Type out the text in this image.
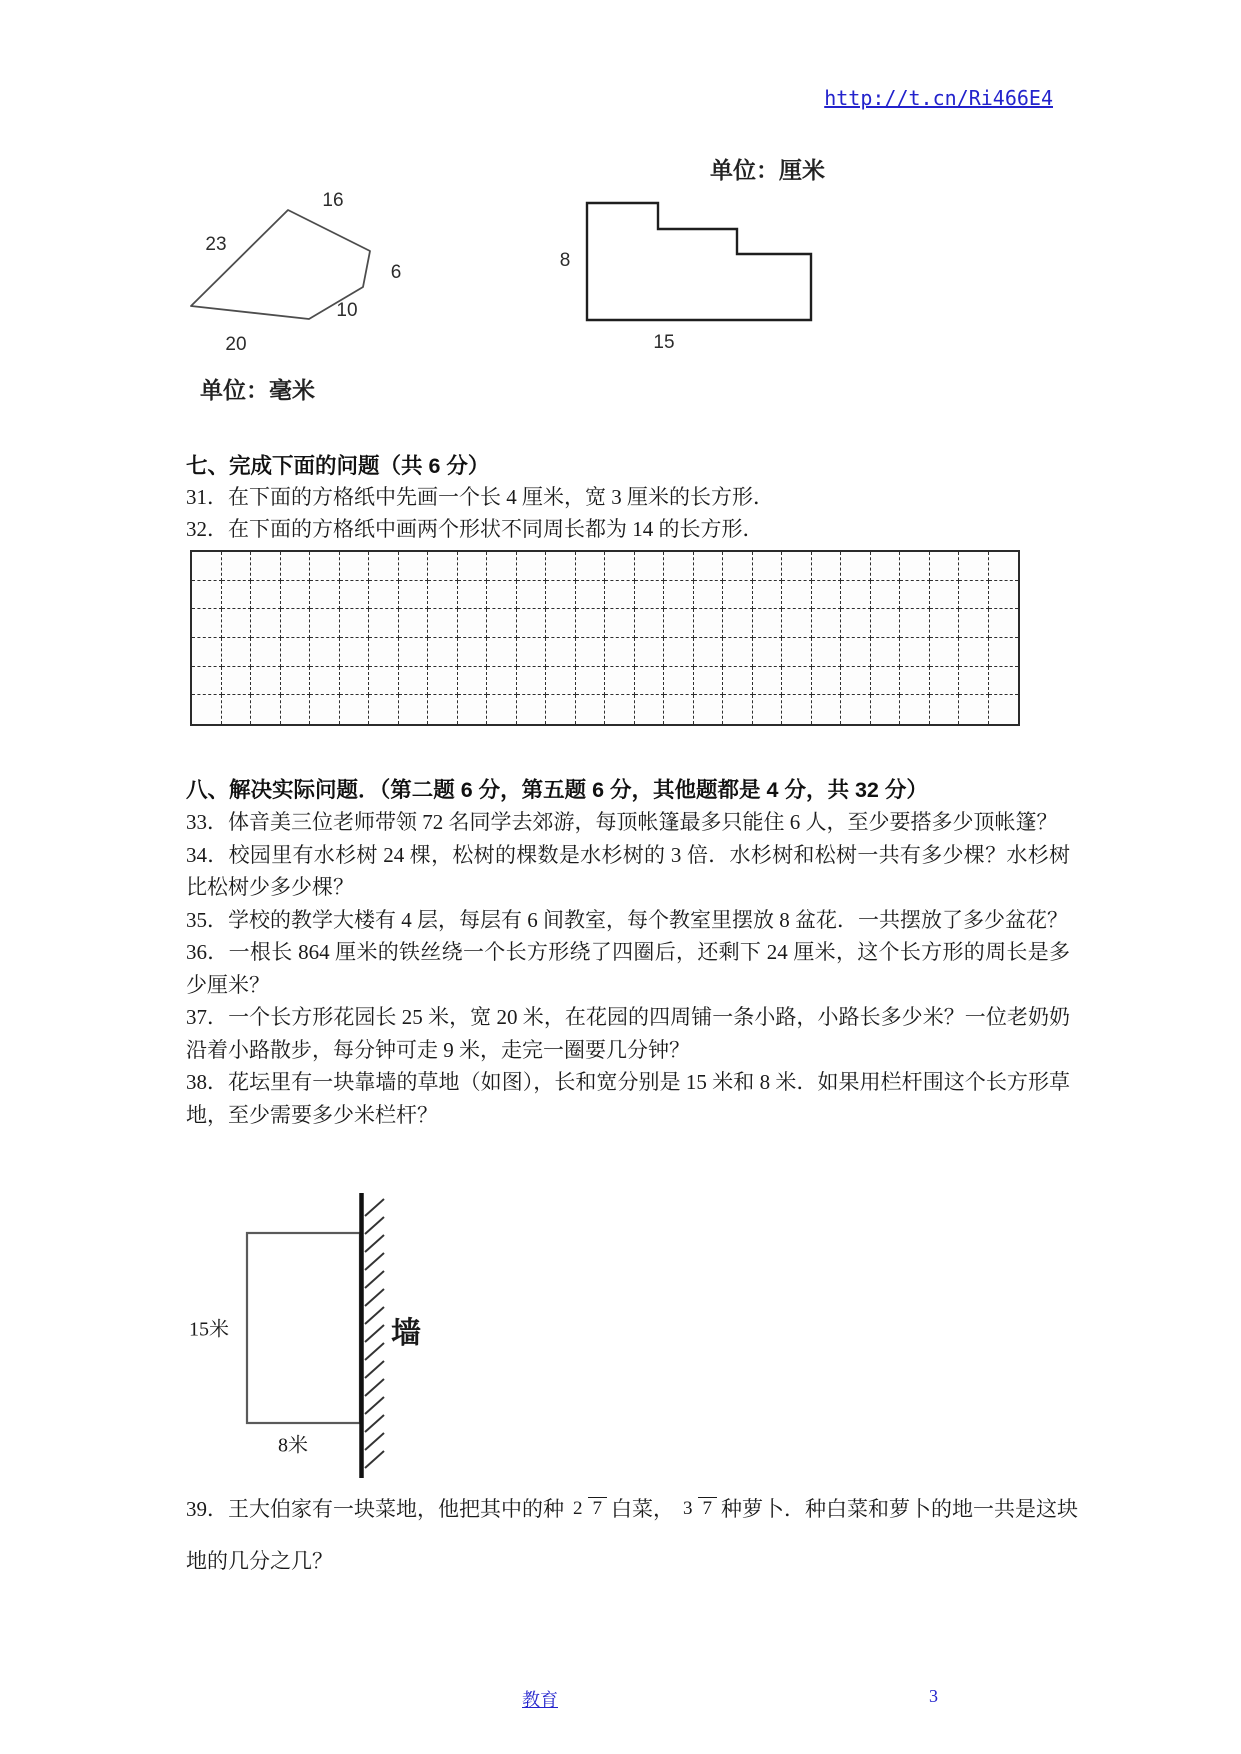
http://t.cn/Ri466E4
单位：厘米
16
23
6
10
20
8
15
单位：毫米
七、完成下面的问题（共 6 分）
31．在下面的方格纸中先画一个长 4 厘米，宽 3 厘米的长方形．
32．在下面的方格纸中画两个形状不同周长都为 14 的长方形．
八、解决实际问题．（第二题 6 分，第五题 6 分，其他题都是 4 分，共 32 分）
33．体音美三位老师带领 72 名同学去郊游，每顶帐篷最多只能住 6 人，至少要搭多少顶帐篷？
34．校园里有水杉树 24 棵，松树的棵数是水杉树的 3 倍．水杉树和松树一共有多少棵？水杉树比松树少多少棵？
35．学校的教学大楼有 4 层，每层有 6 间教室，每个教室里摆放 8 盆花．一共摆放了多少盆花？
36．一根长 864 厘米的铁丝绕一个长方形绕了四圈后，还剩下 24 厘米，这个长方形的周长是多少厘米？
37．一个长方形花园长 25 米，宽 20 米，在花园的四周铺一条小路，小路长多少米？一位老奶奶沿着小路散步，每分钟可走 9 米，走完一圈要几分钟？
38．花坛里有一块靠墙的草地（如图），长和宽分别是 15 米和 8 米．如果用栏杆围这个长方形草地，至少需要多少米栏杆？
15米	墙
8米
39．王大伯家有一块菜地，他把其中的种 2 7 白菜， 3 7 种萝卜．种白菜和萝卜的地一共是这块地的几分之几？
教育	3
